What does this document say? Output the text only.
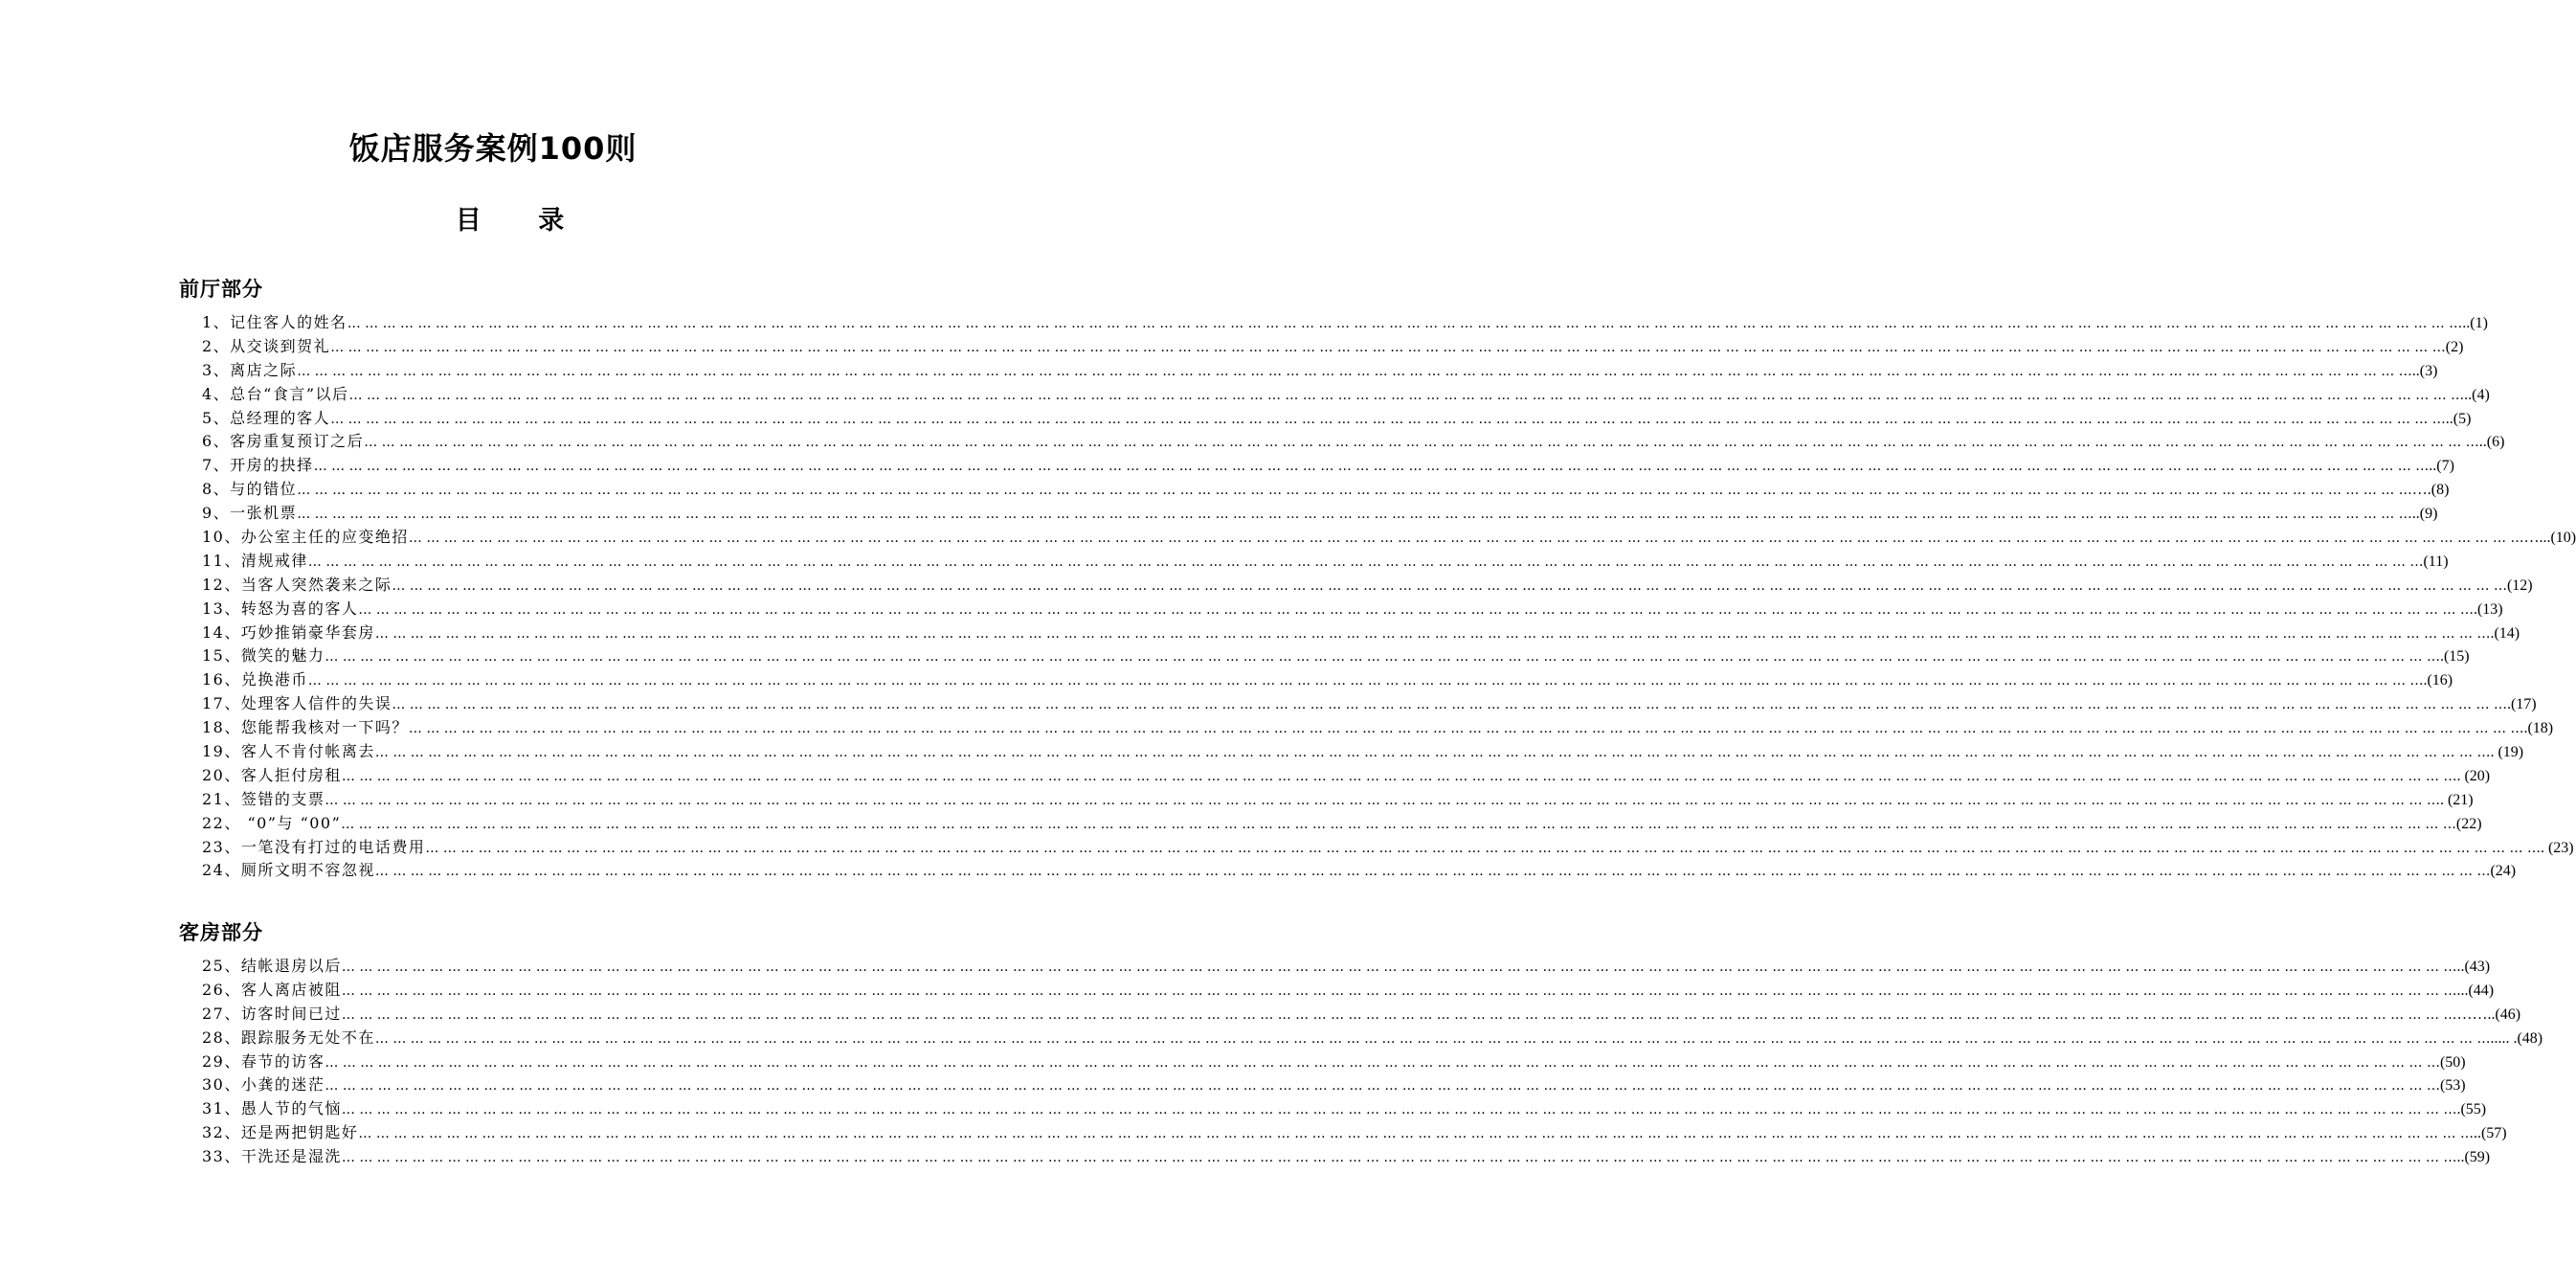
饭店服务案例100则
目 录
前厅部分
1、记住客人的姓名 … … … … … … … … … … … … … … … … … … … … … … … … … … … … … … … … … … … … … … … … … … … … … … … … … … … … … … … … … … … … … … … … … … … … … … … … … … … … … … … … … … … … … … … … … … … … … … … … … … … … … … … … … … … … … … … … … … … … … … … … ..(1)
2、从交谈到贺礼 … … … … … … … … … … … … … … … … … … … … … … … … … … … … … … … … … … … … … … … … … … … … … … … … … … … … … … … … … … … … … … … … … … … … … … … … … … … … … … … … … … … … … … … … … … … … … … … … … … … … … … … … … … … … … … … … … … … … … … … … (2)
3、离店之际 … … … … … … … … … … … … … … … … … … … … … … … … … … … … … … … … … … … … … … … … … … … … … … … … … … … … … … … … … … … … … … … … … … … … … … … … … … … … … … … … … … … … … … … … … … … … … … … … … … … … … … … … … … … … … … … … … … … … … … … … ..(3)
4、总台“食言”以后 … … … … … … … … … … … … … … … … … … … … … … … … … … … … … … … … … … … … … … … … … … … … … … … … … … … … … … … … … … … … … … … … … … … … … … … … … … … … … … … … … … … … … … … … … … … … … … … … … … … … … … … … … … … … … … … … … … … … … … … … ..(4)
5、总经理的客人 … … … … … … … … … … … … … … … … … … … … … … … … … … … … … … … … … … … … … … … … … … … … … … … … … … … … … … … … … … … … … … … … … … … … … … … … … … … … … … … … … … … … … … … … … … … … … … … … … … … … … … … … … … … … … … … … … … … … … … … … ..(5)
6、客房重复预订之后 … … … … … … … … … … … … … … … … … … … … … … … … … … … … … … … … … … … … … … … … … … … … … … … … … … … … … … … … … … … … … … … … … … … … … … … … … … … … … … … … … … … … … … … … … … … … … … … … … … … … … … … … … … … … … … … … … … … … … … … … ..(6)
7、开房的抉择 … … … … … … … … … … … … … … … … … … … … … … … … … … … … … … … … … … … … … … … … … … … … … … … … … … … … … … … … … … … … … … … … … … … … … … … … … … … … … … … … … … … … … … … … … … … … … … … … … … … … … … … … … … … … … … … … … … … … … … … … ..(7)
8、与的错位 … … … … … … … … … … … … … … … … … … … … … … … … … … … … … … … … … … … … … … … … … … … … … … … … … … … … … … … … … … … … … … … … … … … … … … … … … … … … … … … … … … … … … … … … … … … … … … … … … … … … … … … … … … … … … … … … … … … … … … … … ….(8)
9、一张机票 … … … … … … … … … … … … … … … … … … … … … … … … … … … … … … … … … … … … … … … … … … … … … … … … … … … … … … … … … … … … … … … … … … … … … … … … … … … … … … … … … … … … … … … … … … … … … … … … … … … … … … … … … … … … … … … … … … … … … … … … ..(9)
10、办公室主任的应变绝招 … … … … … … … … … … … … … … … … … … … … … … … … … … … … … … … … … … … … … … … … … … … … … … … … … … … … … … … … … … … … … … … … … … … … … … … … … … … … … … … … … … … … … … … … … … … … … … … … … … … … … … … … … … … … … … … … … … … … … … … … …...(10)
11、清规戒律 … … … … … … … … … … … … … … … … … … … … … … … … … … … … … … … … … … … … … … … … … … … … … … … … … … … … … … … … … … … … … … … … … … … … … … … … … … … … … … … … … … … … … … … … … … … … … … … … … … … … … … … … … … … … … … … … … … … … … … … … (11)
12、当客人突然袭来之际 … … … … … … … … … … … … … … … … … … … … … … … … … … … … … … … … … … … … … … … … … … … … … … … … … … … … … … … … … … … … … … … … … … … … … … … … … … … … … … … … … … … … … … … … … … … … … … … … … … … … … … … … … … … … … … … … … … … … … … … … (12)
13、转怒为喜的客人 … … … … … … … … … … … … … … … … … … … … … … … … … … … … … … … … … … … … … … … … … … … … … … … … … … … … … … … … … … … … … … … … … … … … … … … … … … … … … … … … … … … … … … … … … … … … … … … … … … … … … … … … … … … … … … … … … … … … … … … … .(13)
14、巧妙推销豪华套房 … … … … … … … … … … … … … … … … … … … … … … … … … … … … … … … … … … … … … … … … … … … … … … … … … … … … … … … … … … … … … … … … … … … … … … … … … … … … … … … … … … … … … … … … … … … … … … … … … … … … … … … … … … … … … … … … … … … … … … … … .(14)
15、微笑的魅力 … … … … … … … … … … … … … … … … … … … … … … … … … … … … … … … … … … … … … … … … … … … … … … … … … … … … … … … … … … … … … … … … … … … … … … … … … … … … … … … … … … … … … … … … … … … … … … … … … … … … … … … … … … … … … … … … … … … … … … … … .(15)
16、兑换港币 … … … … … … … … … … … … … … … … … … … … … … … … … … … … … … … … … … … … … … … … … … … … … … … … … … … … … … … … … … … … … … … … … … … … … … … … … … … … … … … … … … … … … … … … … … … … … … … … … … … … … … … … … … … … … … … … … … … … … … … … .(16)
17、处理客人信件的失误 … … … … … … … … … … … … … … … … … … … … … … … … … … … … … … … … … … … … … … … … … … … … … … … … … … … … … … … … … … … … … … … … … … … … … … … … … … … … … … … … … … … … … … … … … … … … … … … … … … … … … … … … … … … … … … … … … … … … … … … … .(17)
18、您能帮我核对一下吗？ … … … … … … … … … … … … … … … … … … … … … … … … … … … … … … … … … … … … … … … … … … … … … … … … … … … … … … … … … … … … … … … … … … … … … … … … … … … … … … … … … … … … … … … … … … … … … … … … … … … … … … … … … … … … … … … … … … … … … … … … .(18)
19、客人不肯付帐离去 … … … … … … … … … … … … … … … … … … … … … … … … … … … … … … … … … … … … … … … … … … … … … … … … … … … … … … … … … … … … … … … … … … … … … … … … … … … … … … … … … … … … … … … … … … … … … … … … … … … … … … … … … … … … … … … … … … … … … … … … . (19)
20、客人拒付房租 … … … … … … … … … … … … … … … … … … … … … … … … … … … … … … … … … … … … … … … … … … … … … … … … … … … … … … … … … … … … … … … … … … … … … … … … … … … … … … … … … … … … … … … … … … … … … … … … … … … … … … … … … … … … … … … … … … … … … … … … . (20)
21、签错的支票 … … … … … … … … … … … … … … … … … … … … … … … … … … … … … … … … … … … … … … … … … … … … … … … … … … … … … … … … … … … … … … … … … … … … … … … … … … … … … … … … … … … … … … … … … … … … … … … … … … … … … … … … … … … … … … … … … … … … … … … … . (21)
22、 “0”与 “00” … … … … … … … … … … … … … … … … … … … … … … … … … … … … … … … … … … … … … … … … … … … … … … … … … … … … … … … … … … … … … … … … … … … … … … … … … … … … … … … … … … … … … … … … … … … … … … … … … … … … … … … … … … … … … … … … … … … … … … … … (22)
23、一笔没有打过的电话费用 … … … … … … … … … … … … … … … … … … … … … … … … … … … … … … … … … … … … … … … … … … … … … … … … … … … … … … … … … … … … … … … … … … … … … … … … … … … … … … … … … … … … … … … … … … … … … … … … … … … … … … … … … … … … … … … … … … … … … … … … . (23)
24、厕所文明不容忽视 … … … … … … … … … … … … … … … … … … … … … … … … … … … … … … … … … … … … … … … … … … … … … … … … … … … … … … … … … … … … … … … … … … … … … … … … … … … … … … … … … … … … … … … … … … … … … … … … … … … … … … … … … … … … … … … … … … … … … … … … (24)
客房部分
25、结帐退房以后 … … … … … … … … … … … … … … … … … … … … … … … … … … … … … … … … … … … … … … … … … … … … … … … … … … … … … … … … … … … … … … … … … … … … … … … … … … … … … … … … … … … … … … … … … … … … … … … … … … … … … … … … … … … … … … … … … … … … … … … … ..(43)
26、客人离店被阻 … … … … … … … … … … … … … … … … … … … … … … … … … … … … … … … … … … … … … … … … … … … … … … … … … … … … … … … … … … … … … … … … … … … … … … … … … … … … … … … … … … … … … … … … … … … … … … … … … … … … … … … … … … … … … … … … … … … … … … … … ...(44)
27、访客时间已过 … … … … … … … … … … … … … … … … … … … … … … … … … … … … … … … … … … … … … … … … … … … … … … … … … … … … … … … … … … … … … … … … … … … … … … … … … … … … … … … … … … … … … … … … … … … … … … … … … … … … … … … … … … … … … … … … … … … … … … … … ……..(46)
28、跟踪服务无处不在 … … … … … … … … … … … … … … … … … … … … … … … … … … … … … … … … … … … … … … … … … … … … … … … … … … … … … … … … … … … … … … … … … … … … … … … … … … … … … … … … … … … … … … … … … … … … … … … … … … … … … … … … … … … … … … … … … … … … … … … … ..... .(48)
29、春节的访客 … … … … … … … … … … … … … … … … … … … … … … … … … … … … … … … … … … … … … … … … … … … … … … … … … … … … … … … … … … … … … … … … … … … … … … … … … … … … … … … … … … … … … … … … … … … … … … … … … … … … … … … … … … … … … … … … … … … … … … … … (50)
30、小龚的迷茫 … … … … … … … … … … … … … … … … … … … … … … … … … … … … … … … … … … … … … … … … … … … … … … … … … … … … … … … … … … … … … … … … … … … … … … … … … … … … … … … … … … … … … … … … … … … … … … … … … … … … … … … … … … … … … … … … … … … … … … … … (53)
31、愚人节的气恼 … … … … … … … … … … … … … … … … … … … … … … … … … … … … … … … … … … … … … … … … … … … … … … … … … … … … … … … … … … … … … … … … … … … … … … … … … … … … … … … … … … … … … … … … … … … … … … … … … … … … … … … … … … … … … … … … … … … … … … … … .(55)
32、还是两把钥匙好 … … … … … … … … … … … … … … … … … … … … … … … … … … … … … … … … … … … … … … … … … … … … … … … … … … … … … … … … … … … … … … … … … … … … … … … … … … … … … … … … … … … … … … … … … … … … … … … … … … … … … … … … … … … … … … … … … … … … … … … … ..(57)
33、干洗还是湿洗 … … … … … … … … … … … … … … … … … … … … … … … … … … … … … … … … … … … … … … … … … … … … … … … … … … … … … … … … … … … … … … … … … … … … … … … … … … … … … … … … … … … … … … … … … … … … … … … … … … … … … … … … … … … … … … … … … … … … … … … … ..(59)
